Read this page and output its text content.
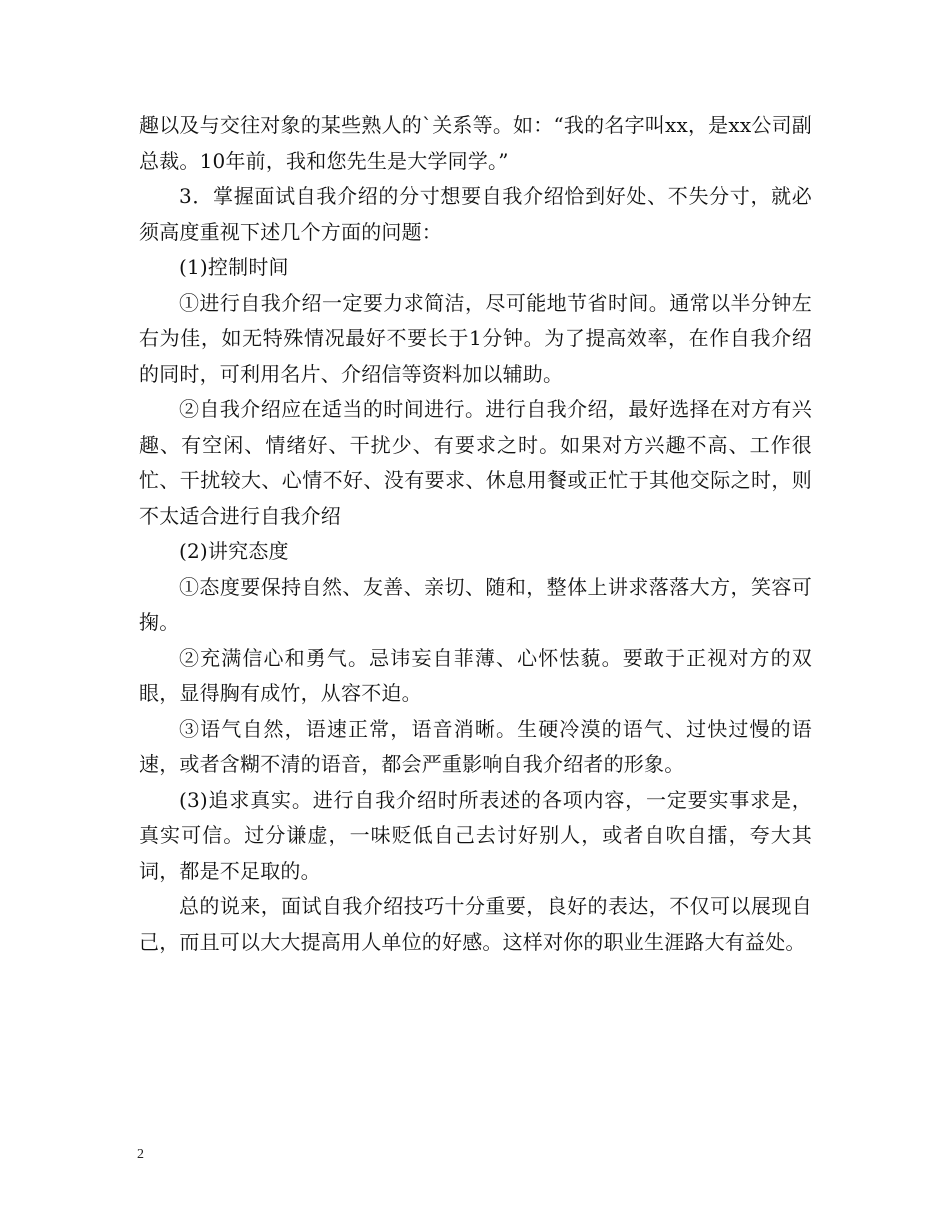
趣以及与交往对象的某些熟人的`关系等。如：“我的名字叫xx，是xx公司副总裁。10年前，我和您先生是大学同学。”

3．掌握面试自我介绍的分寸想要自我介绍恰到好处、不失分寸，就必须高度重视下述几个方面的问题：

(1)控制时间

①进行自我介绍一定要力求简洁，尽可能地节省时间。通常以半分钟左右为佳，如无特殊情况最好不要长于1分钟。为了提高效率，在作自我介绍的同时，可利用名片、介绍信等资料加以辅助。

②自我介绍应在适当的时间进行。进行自我介绍，最好选择在对方有兴趣、有空闲、情绪好、干扰少、有要求之时。如果对方兴趣不高、工作很忙、干扰较大、心情不好、没有要求、休息用餐或正忙于其他交际之时，则不太适合进行自我介绍

(2)讲究态度

①态度要保持自然、友善、亲切、随和，整体上讲求落落大方，笑容可掬。

②充满信心和勇气。忌讳妄自菲薄、心怀怯藐。要敢于正视对方的双眼，显得胸有成竹，从容不迫。

③语气自然，语速正常，语音消晰。生硬冷漠的语气、过快过慢的语速，或者含糊不清的语音，都会严重影响自我介绍者的形象。

(3)追求真实。进行自我介绍时所表述的各项内容，一定要实事求是，真实可信。过分谦虚，一味贬低自己去讨好别人，或者自吹自擂，夸大其词，都是不足取的。

总的说来，面试自我介绍技巧十分重要，良好的表达，不仅可以展现自己，而且可以大大提高用人单位的好感。这样对你的职业生涯路大有益处。

2
